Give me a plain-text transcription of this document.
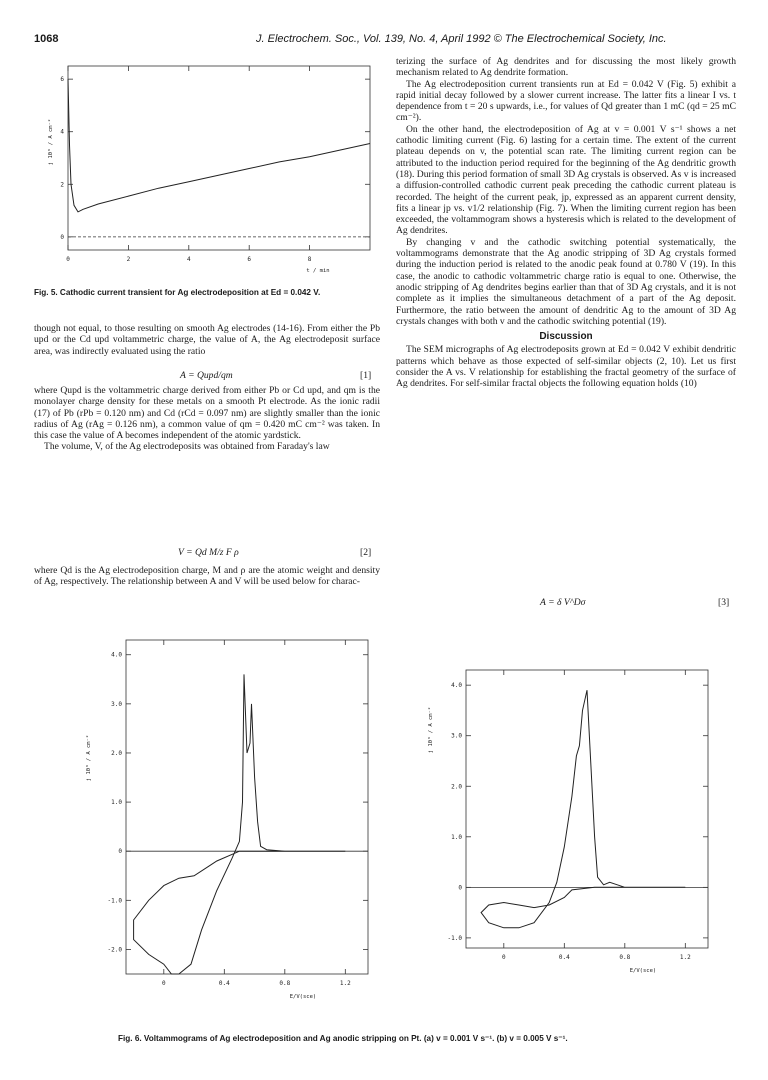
1068	J. Electrochem. Soc., Vol. 139, No. 4, April 1992 © The Electrochemical Society, Inc.
0	2	4	6	8
0
2
4
6
t / min
j 10³ / A cm⁻²
Fig. 5. Cathodic current transient for Ag electrodeposition at Ed = 0.042 V.

though not equal, to those resulting on smooth Ag electrodes (14-16). From either the Pb upd or the Cd upd voltammetric charge, the value of A, the Ag electrodeposit surface area, was indirectly evaluated using the ratio

A = Qupd/qm	[1]

where Qupd is the voltammetric charge derived from either Pb or Cd upd, and qm is the monolayer charge density for these metals on a smooth Pt electrode. As the ionic radii (17) of Pb (rPb = 0.120 nm) and Cd (rCd = 0.097 nm) are slightly smaller than the ionic radius of Ag (rAg = 0.126 nm), a common value of qm = 0.420 mC cm⁻² was taken. In this case the value of A becomes independent of the atomic yardstick.

The volume, V, of the Ag electrodeposits was obtained from Faraday's law

V = Qd M/z F ρ	[2]

where Qd is the Ag electrodeposition charge, M and ρ are the atomic weight and density of Ag, respectively. The relationship between A and V will be used below for charac-

terizing the surface of Ag dendrites and for discussing the most likely growth mechanism related to Ag dendrite formation.

The Ag electrodeposition current transients run at Ed = 0.042 V (Fig. 5) exhibit a rapid initial decay followed by a slower current increase. The latter fits a linear I vs. t dependence from t = 20 s upwards, i.e., for values of Qd greater than 1 mC (qd = 25 mC cm⁻²).

On the other hand, the electrodeposition of Ag at v = 0.001 V s⁻¹ shows a net cathodic limiting current (Fig. 6) lasting for a certain time. The extent of the current plateau depends on v, the potential scan rate. The limiting current region can be attributed to the induction period required for the beginning of the Ag dendritic growth (18). During this period formation of small 3D Ag crystals is observed. As v is increased a diffusion-controlled cathodic current peak preceding the cathodic current plateau is recorded. The height of the current peak, jp, expressed as an apparent current density, fits a linear jp vs. v1/2 relationship (Fig. 7). When the limiting current region has been exceeded, the voltammogram shows a hysteresis which is related to the development of Ag dendrites.

By changing v and the cathodic switching potential systematically, the voltammograms demonstrate that the Ag anodic stripping of 3D Ag crystals formed during the induction period is related to the anodic peak found at 0.780 V (19). In this case, the anodic to cathodic voltammetric charge ratio is equal to one. Otherwise, the anodic stripping of Ag dendrites begins earlier than that of 3D Ag crystals, and it is not complete as it implies the simultaneous detachment of a part of the Ag deposit. Furthermore, the ratio between the amount of dendritic Ag to the amount of 3D Ag crystals changes with both v and the cathodic switching potential (19).

Discussion

The SEM micrographs of Ag electrodeposits grown at Ed = 0.042 V exhibit dendritic patterns which behave as those expected of self-similar objects (2, 10). Let us first consider the A vs. V relationship for establishing the fractal geometry of the surface of Ag dendrites. For self-similar fractal objects the following equation holds (10)

A = δ V^Dσ	[3]
0	0.4	0.8	1.2
4.0
3.0
2.0
1.0
0
-1.0
-2.0
E/V(sce)
j 10³ / A cm⁻²
0	0.4	0.8	1.2
4.0
3.0
2.0
1.0
0
-1.0
E/V(sce)
j 10³ / A cm⁻²
Fig. 6. Voltammograms of Ag electrodeposition and Ag anodic stripping on Pt. (a) v = 0.001 V s⁻¹. (b) v = 0.005 V s⁻¹.
